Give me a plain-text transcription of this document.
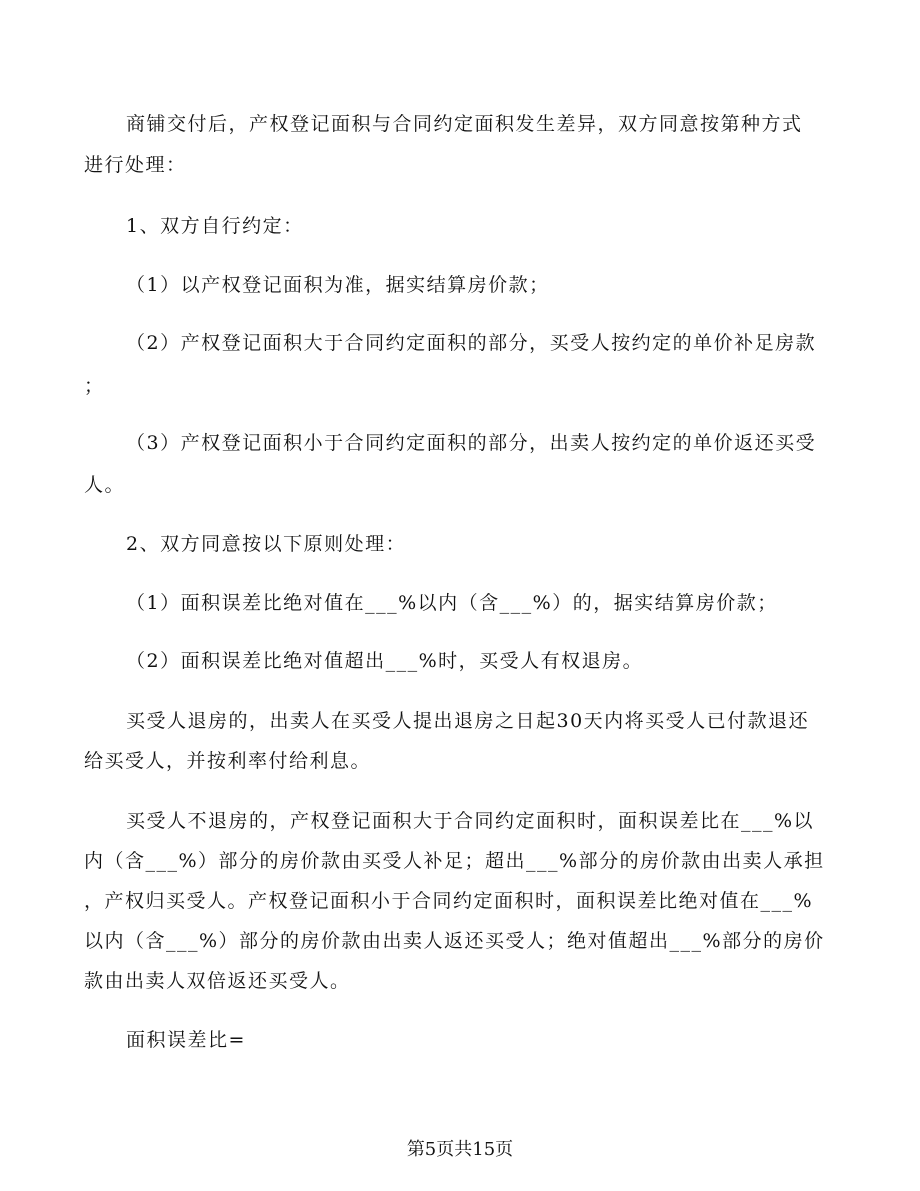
商铺交付后，产权登记面积与合同约定面积发生差异，双方同意按第种方式
进行处理：
1、双方自行约定：
（1）以产权登记面积为准，据实结算房价款；
（2）产权登记面积大于合同约定面积的部分，买受人按约定的单价补足房款
；
（3）产权登记面积小于合同约定面积的部分，出卖人按约定的单价返还买受
人。
2、双方同意按以下原则处理：
（1）面积误差比绝对值在___%以内（含___%）的，据实结算房价款；
（2）面积误差比绝对值超出___%时，买受人有权退房。
买受人退房的，出卖人在买受人提出退房之日起30天内将买受人已付款退还
给买受人，并按利率付给利息。
买受人不退房的，产权登记面积大于合同约定面积时，面积误差比在___%以
内（含___%）部分的房价款由买受人补足；超出___%部分的房价款由出卖人承担
，产权归买受人。产权登记面积小于合同约定面积时，面积误差比绝对值在___%
以内（含___%）部分的房价款由出卖人返还买受人；绝对值超出___%部分的房价
款由出卖人双倍返还买受人。
面积误差比=
第5页共15页
